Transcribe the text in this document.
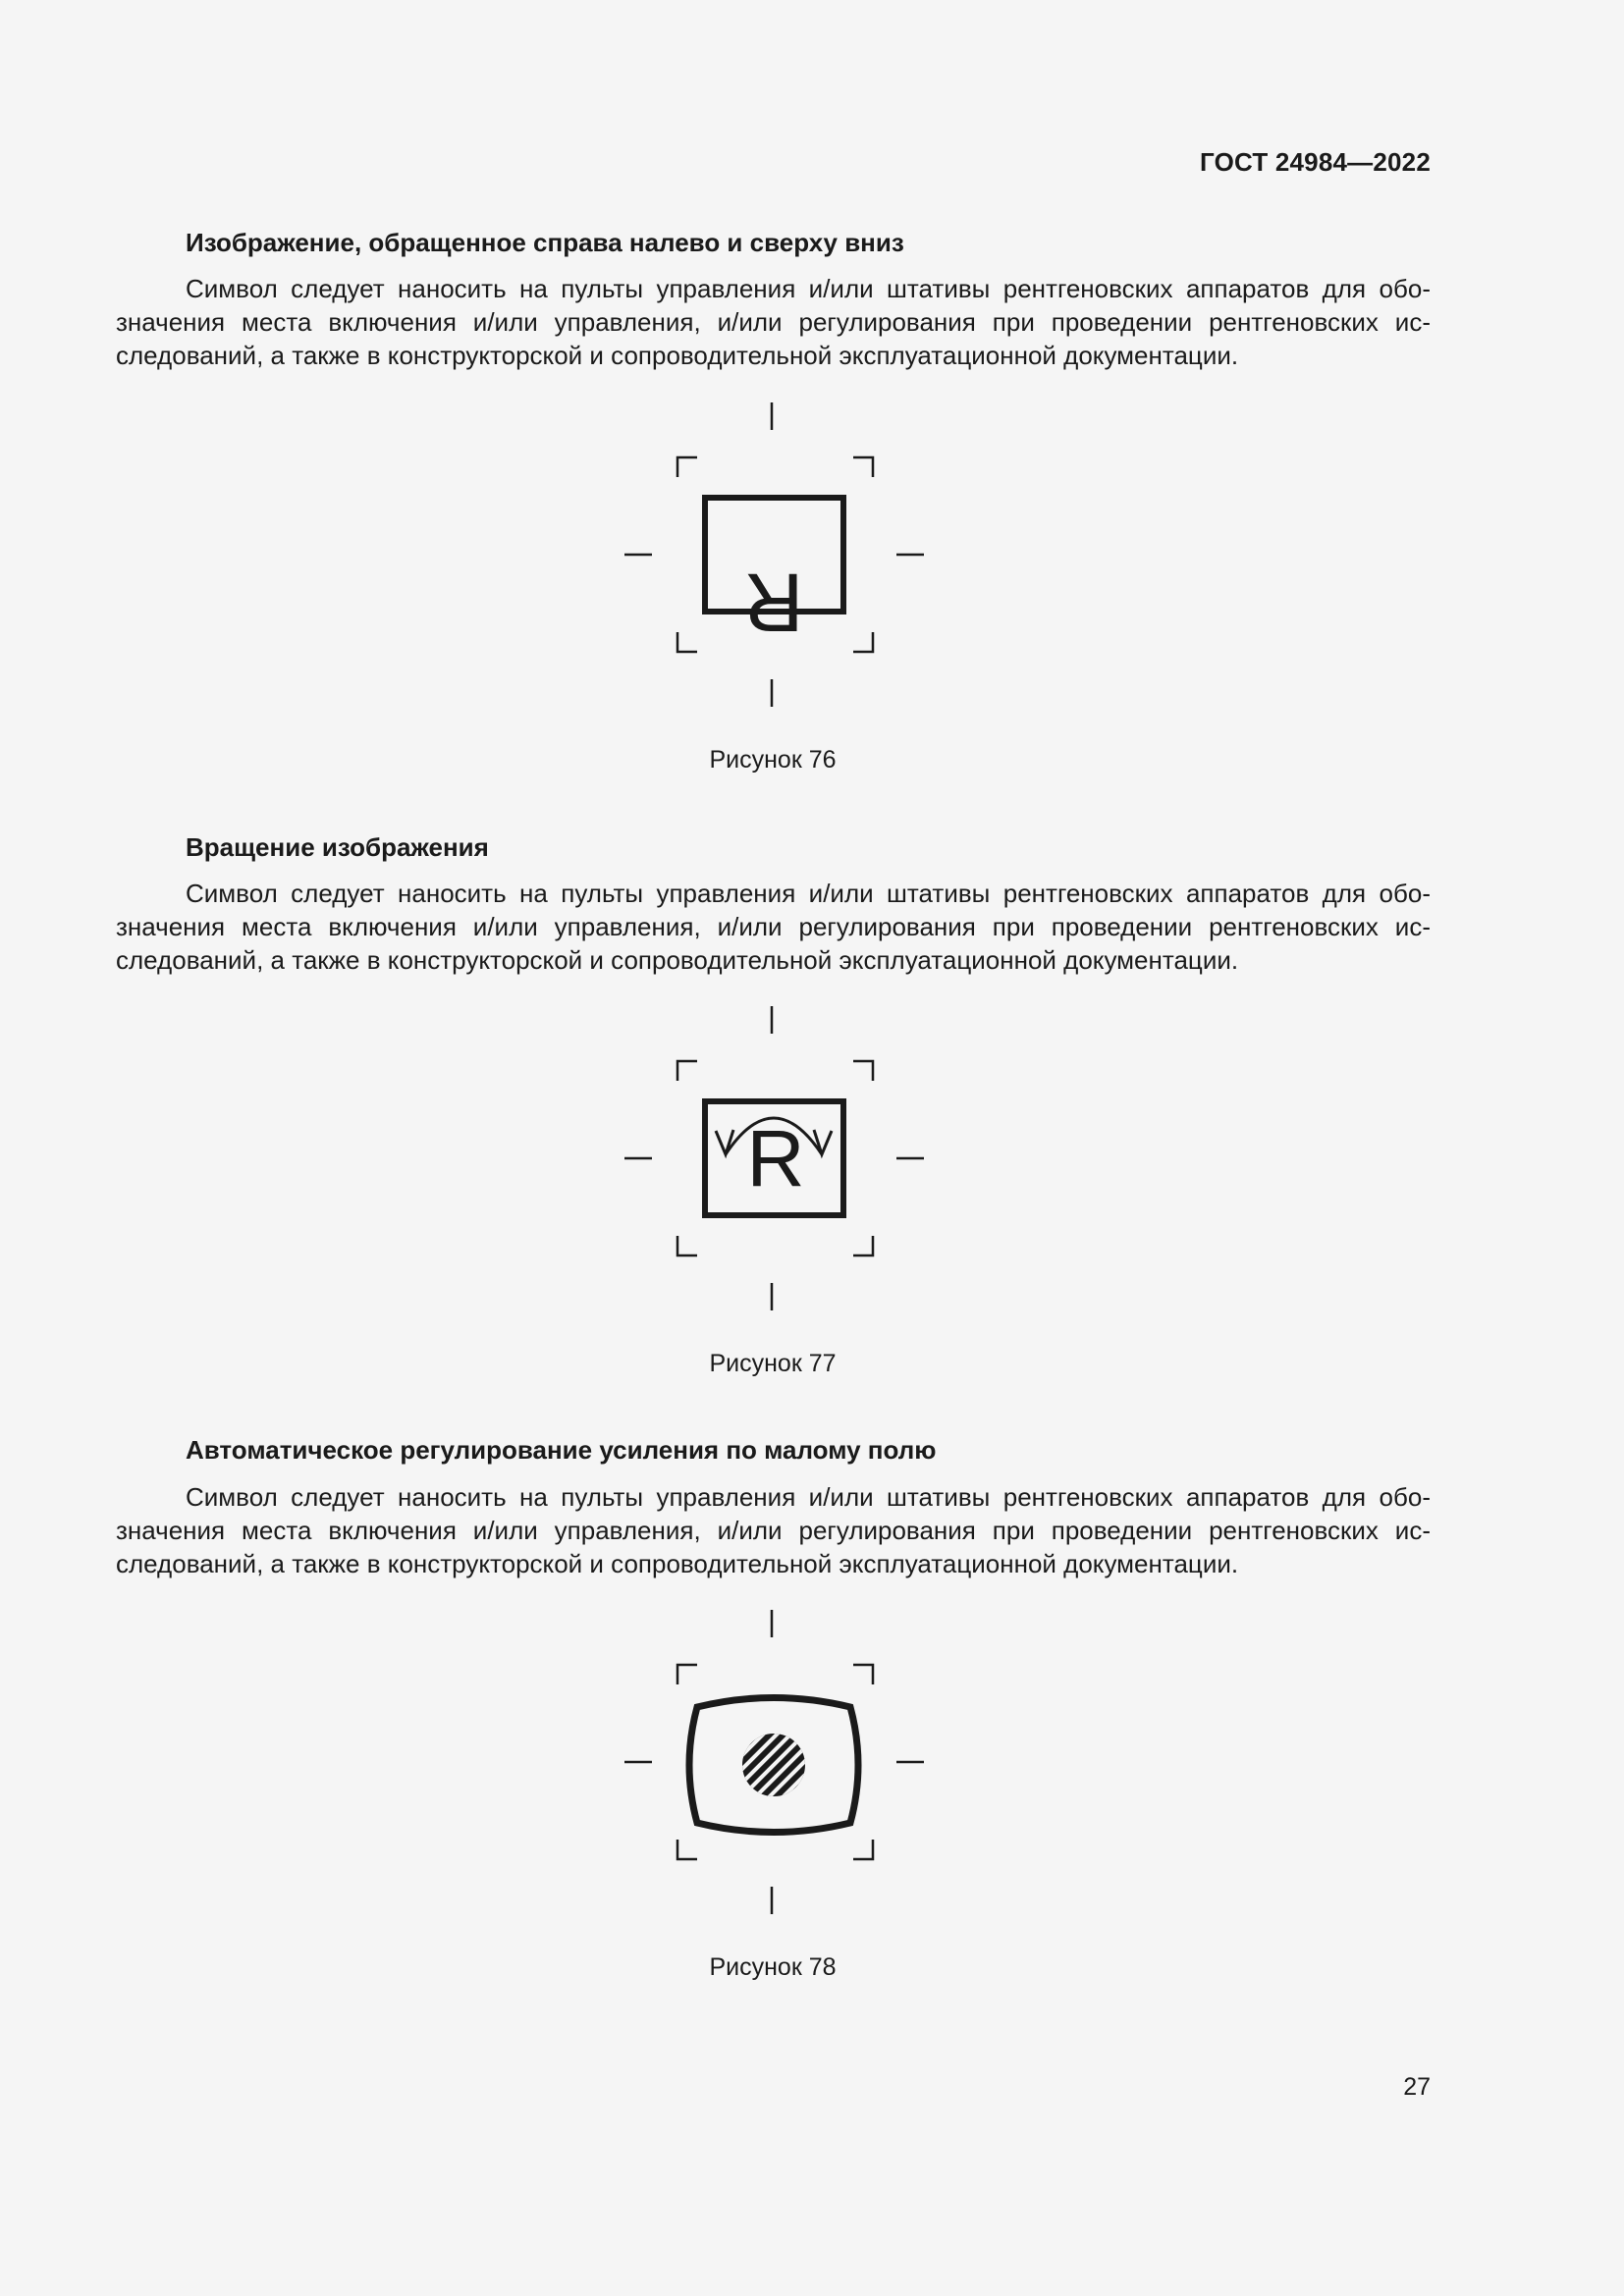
ГОСТ 24984—2022
Изображение, обращенное справа налево и сверху вниз
Символ следует наносить на пульты управления и/или штативы рентгеновских аппаратов для обозначения места включения и/или управления, и/или регулирования при проведении рентгеновских исследований, а также в конструкторской и сопроводительной эксплуатационной документации.
R
Рисунок 76
Вращение изображения
Символ следует наносить на пульты управления и/или штативы рентгеновских аппаратов для обозначения места включения и/или управления, и/или регулирования при проведении рентгеновских исследований, а также в конструкторской и сопроводительной эксплуатационной документации.
R
Рисунок 77
Автоматическое регулирование усиления по малому полю
Символ следует наносить на пульты управления и/или штативы рентгеновских аппаратов для обозначения места включения и/или управления, и/или регулирования при проведении рентгеновских исследований, а также в конструкторской и сопроводительной эксплуатационной документации.
Рисунок 78
27
